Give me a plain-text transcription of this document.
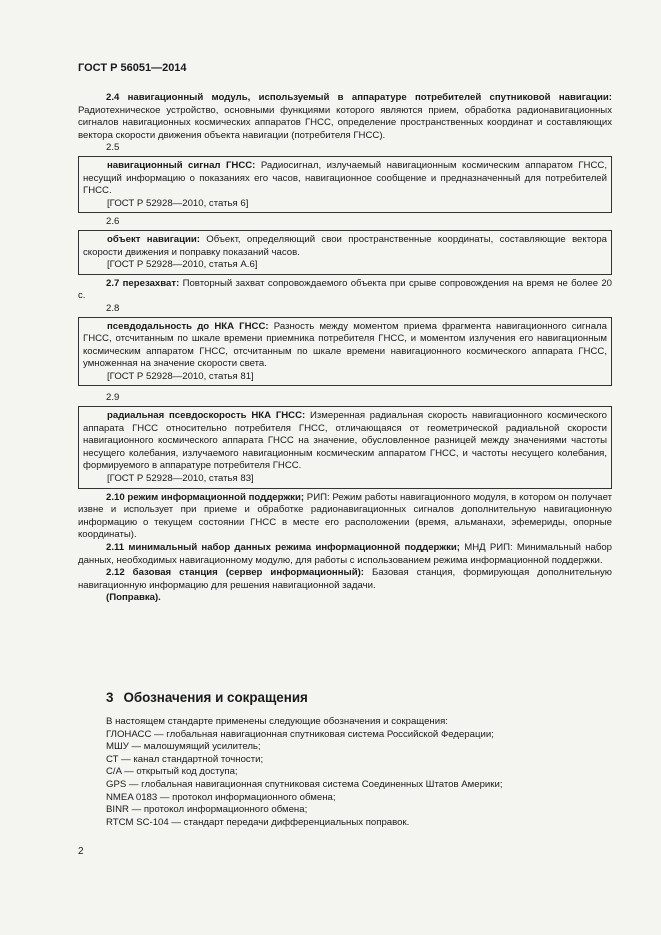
ГОСТ Р 56051—2014

2.4 навигационный модуль, используемый в аппаратуре потребителей спутниковой навигации: Радиотехническое устройство, основными функциями которого являются прием, обработка радионавигационных сигналов навигационных космических аппаратов ГНСС, определение пространственных координат и составляющих вектора скорости движения объекта навигации (потребителя ГНСС).

2.5

навигационный сигнал ГНСС: Радиосигнал, излучаемый навигационным космическим аппаратом ГНСС, несущий информацию о показаниях его часов, навигационное сообщение и предназначенный для потребителей ГНСС.

[ГОСТ Р 52928—2010, статья 6]

2.6

объект навигации: Объект, определяющий свои пространственные координаты, составляющие вектора скорости движения и поправку показаний часов.

[ГОСТ Р 52928—2010, статья А.6]

2.7 перезахват: Повторный захват сопровождаемого объекта при срыве сопровождения на время не более 20 с.

2.8

псевдодальность до НКА ГНСС: Разность между моментом приема фрагмента навигационного сигнала ГНСС, отсчитанным по шкале времени приемника потребителя ГНСС, и моментом излучения его навигационным космическим аппаратом ГНСС, отсчитанным по шкале времени навигационного космического аппарата ГНСС, умноженная на значение скорости света.

[ГОСТ Р 52928—2010, статья 81]

2.9

радиальная псевдоскорость НКА ГНСС: Измеренная радиальная скорость навигационного космического аппарата ГНСС относительно потребителя ГНСС, отличающаяся от геометрической радиальной скорости навигационного космического аппарата ГНСС на значение, обусловленное разницей между значениями частоты несущего колебания, излучаемого навигационным космическим аппаратом ГНСС, и частоты несущего колебания, формируемого в аппаратуре потребителя ГНСС.

[ГОСТ Р 52928—2010, статья 83]

2.10 режим информационной поддержки; РИП: Режим работы навигационного модуля, в котором он получает извне и использует при приеме и обработке радионавигационных сигналов дополнительную навигационную информацию о текущем состоянии ГНСС в месте его расположении (время, альманахи, эфемериды, опорные координаты).

2.11 минимальный набор данных режима информационной поддержки; МНД РИП: Минимальный набор данных, необходимых навигационному модулю, для работы с использованием режима информационной поддержки.

2.12 базовая станция (сервер информационный): Базовая станция, формирующая дополнительную навигационную информацию для решения навигационной задачи.

(Поправка).

3 Обозначения и сокращения
В настоящем стандарте применены следующие обозначения и сокращения:
ГЛОНАСС — глобальная навигационная спутниковая система Российской Федерации;
МШУ — малошумящий усилитель;
СТ — канал стандартной точности;
C/A — открытый код доступа;
GPS — глобальная навигационная спутниковая система Соединенных Штатов Америки;
NMEA 0183 — протокол информационного обмена;
BINR — протокол информационного обмена;
RTCM SC-104 — стандарт передачи дифференциальных поправок.
2
